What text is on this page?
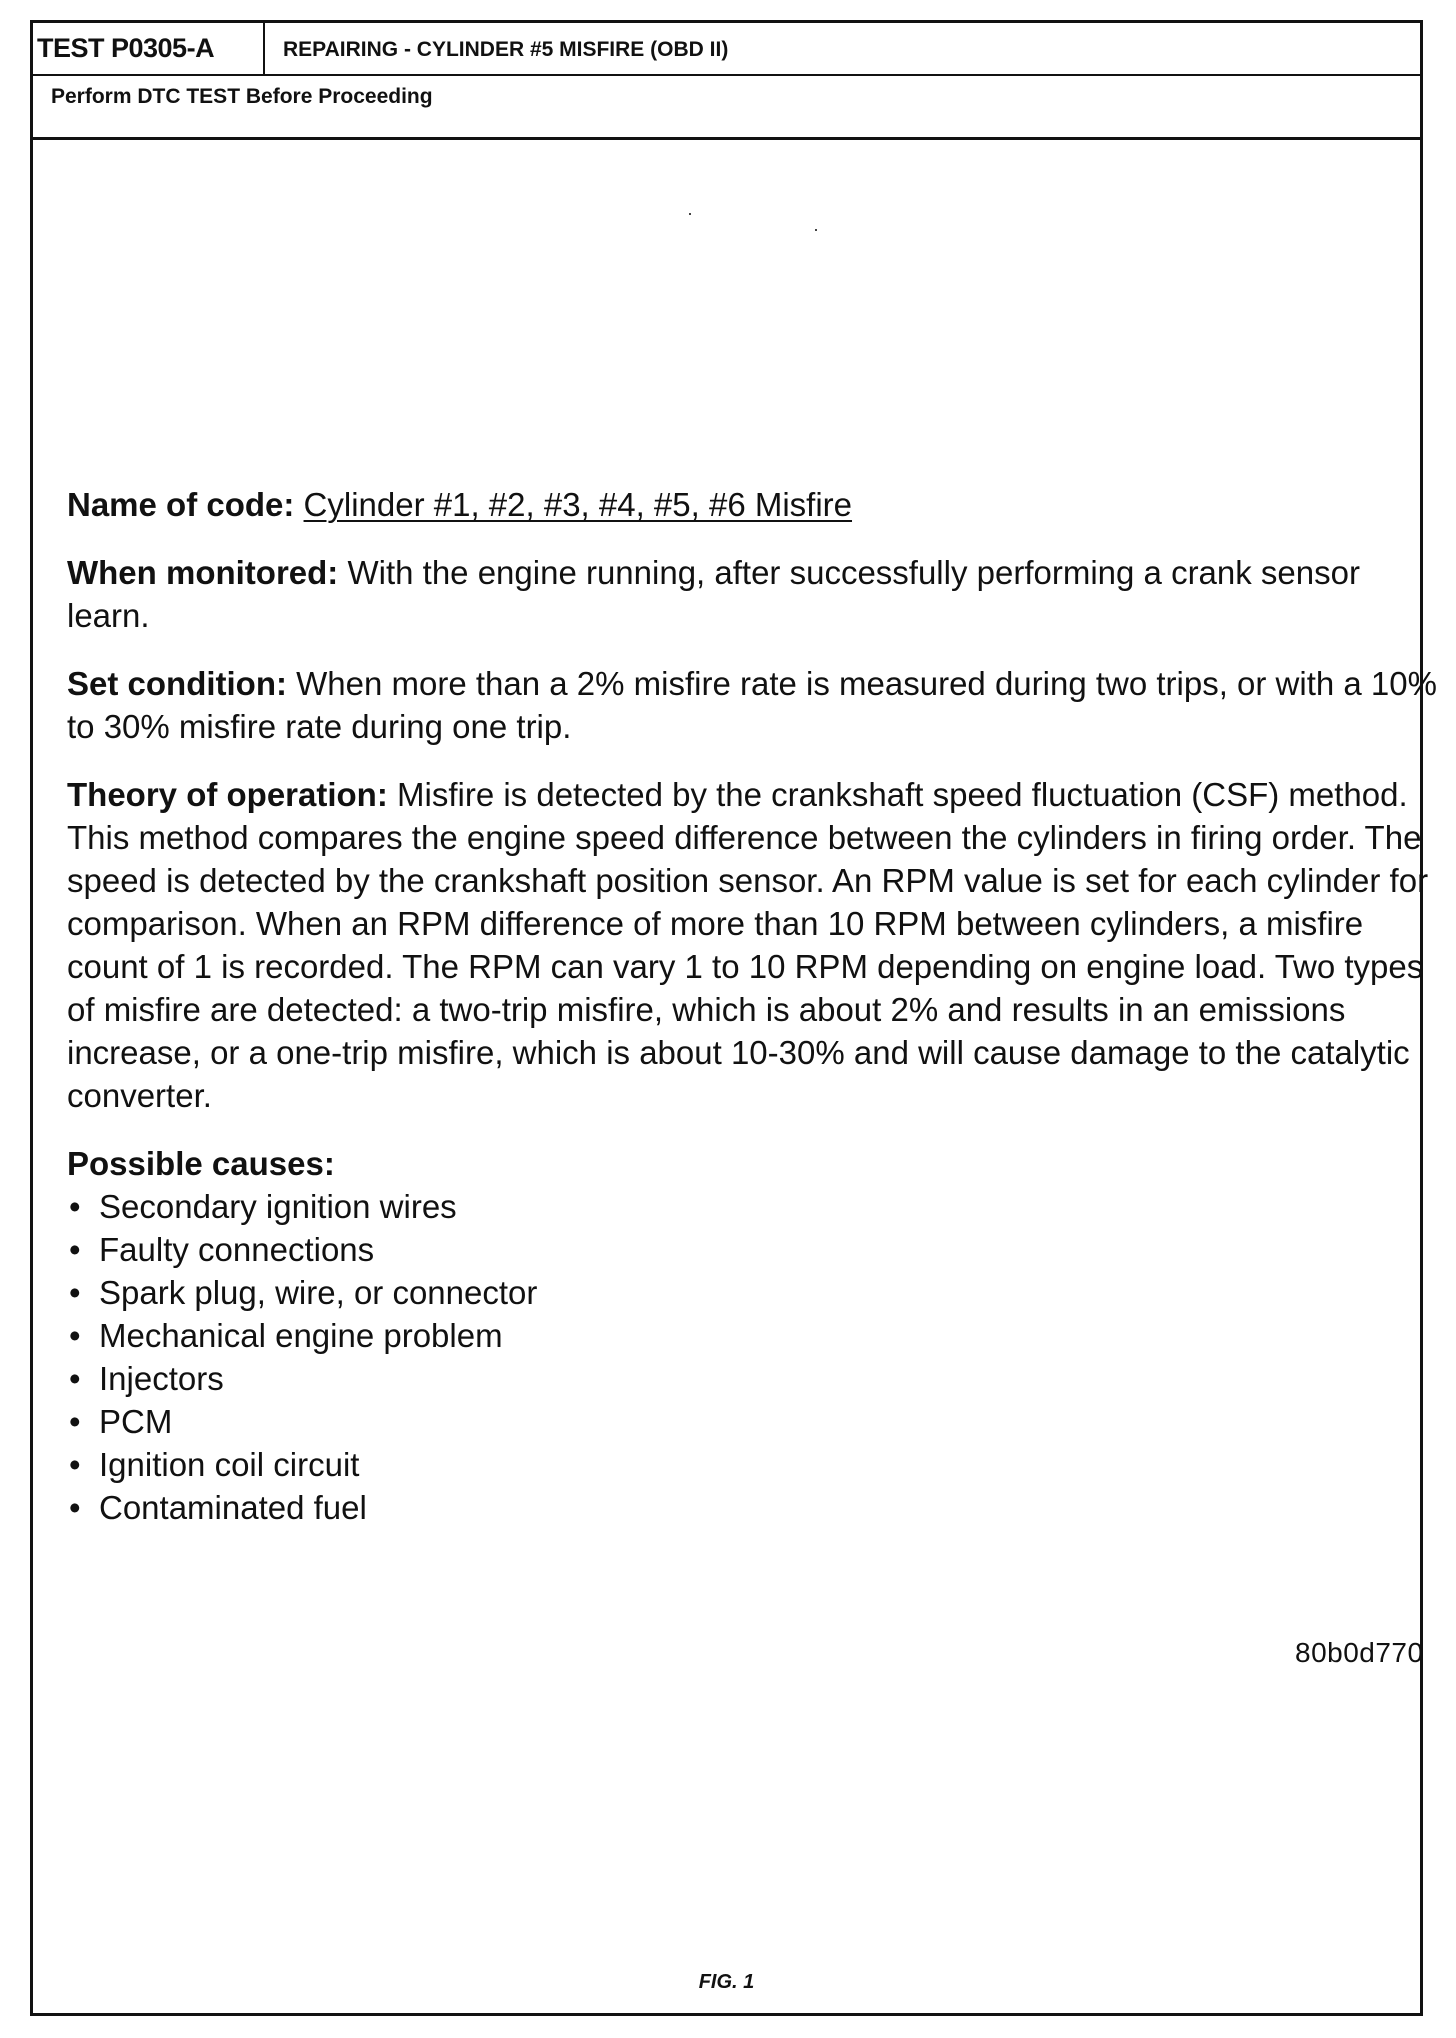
TEST P0305-A	REPAIRING - CYLINDER #5 MISFIRE (OBD II)
Perform DTC TEST Before Proceeding

Name of code: Cylinder #1, #2, #3, #4, #5, #6 Misfire

When monitored: With the engine running, after successfully performing a crank sensor learn.

Set condition: When more than a 2% misfire rate is measured during two trips, or with a 10% to 30% misfire rate during one trip.

Theory of operation: Misfire is detected by the crankshaft speed fluctuation (CSF) method. This method compares the engine speed difference between the cylinders in firing order. The speed is detected by the crankshaft position sensor. An RPM value is set for each cylinder for comparison. When an RPM difference of more than 10 RPM between cylinders, a misfire count of 1 is recorded. The RPM can vary 1 to 10 RPM depending on engine load. Two types of misfire are detected: a two-trip misfire, which is about 2% and results in an emissions increase, or a one-trip misfire, which is about 10-30% and will cause damage to the catalytic converter.

Possible causes:
• Secondary ignition wires
• Faulty connections
• Spark plug, wire, or connector
• Mechanical engine problem
• Injectors
• PCM
• Ignition coil circuit
• Contaminated fuel
80b0d770
FIG. 1
